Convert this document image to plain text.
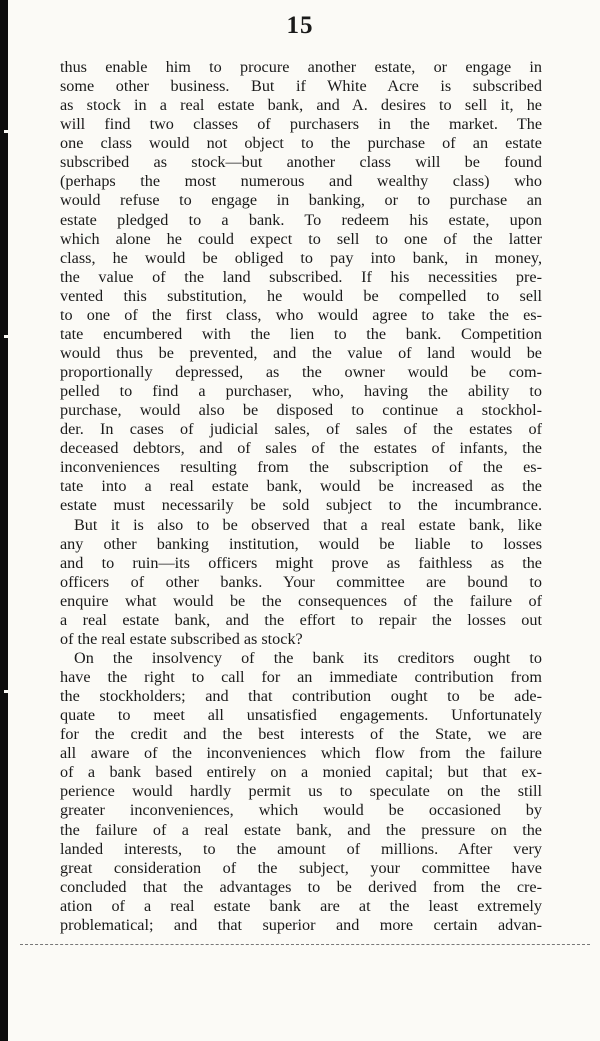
15
thus enable him to procure another estate, or engage in
some other business. But if White Acre is subscribed
as stock in a real estate bank, and A. desires to sell it, he
will find two classes of purchasers in the market. The
one class would not object to the purchase of an estate
subscribed as stock—but another class will be found
(perhaps the most numerous and wealthy class) who
would refuse to engage in banking, or to purchase an
estate pledged to a bank. To redeem his estate, upon
which alone he could expect to sell to one of the latter
class, he would be obliged to pay into bank, in money,
the value of the land subscribed. If his necessities pre-
vented this substitution, he would be compelled to sell
to one of the first class, who would agree to take the es-
tate encumbered with the lien to the bank. Competition
would thus be prevented, and the value of land would be
proportionally depressed, as the owner would be com-
pelled to find a purchaser, who, having the ability to
purchase, would also be disposed to continue a stockhol-
der. In cases of judicial sales, of sales of the estates of
deceased debtors, and of sales of the estates of infants, the
inconveniences resulting from the subscription of the es-
tate into a real estate bank, would be increased as the
estate must necessarily be sold subject to the incumbrance.
But it is also to be observed that a real estate bank, like
any other banking institution, would be liable to losses
and to ruin—its officers might prove as faithless as the
officers of other banks. Your committee are bound to
enquire what would be the consequences of the failure of
a real estate bank, and the effort to repair the losses out
of the real estate subscribed as stock?
On the insolvency of the bank its creditors ought to
have the right to call for an immediate contribution from
the stockholders; and that contribution ought to be ade-
quate to meet all unsatisfied engagements. Unfortunately
for the credit and the best interests of the State, we are
all aware of the inconveniences which flow from the failure
of a bank based entirely on a monied capital; but that ex-
perience would hardly permit us to speculate on the still
greater inconveniences, which would be occasioned by
the failure of a real estate bank, and the pressure on the
landed interests, to the amount of millions. After very
great consideration of the subject, your committee have
concluded that the advantages to be derived from the cre-
ation of a real estate bank are at the least extremely
problematical; and that superior and more certain advan-
